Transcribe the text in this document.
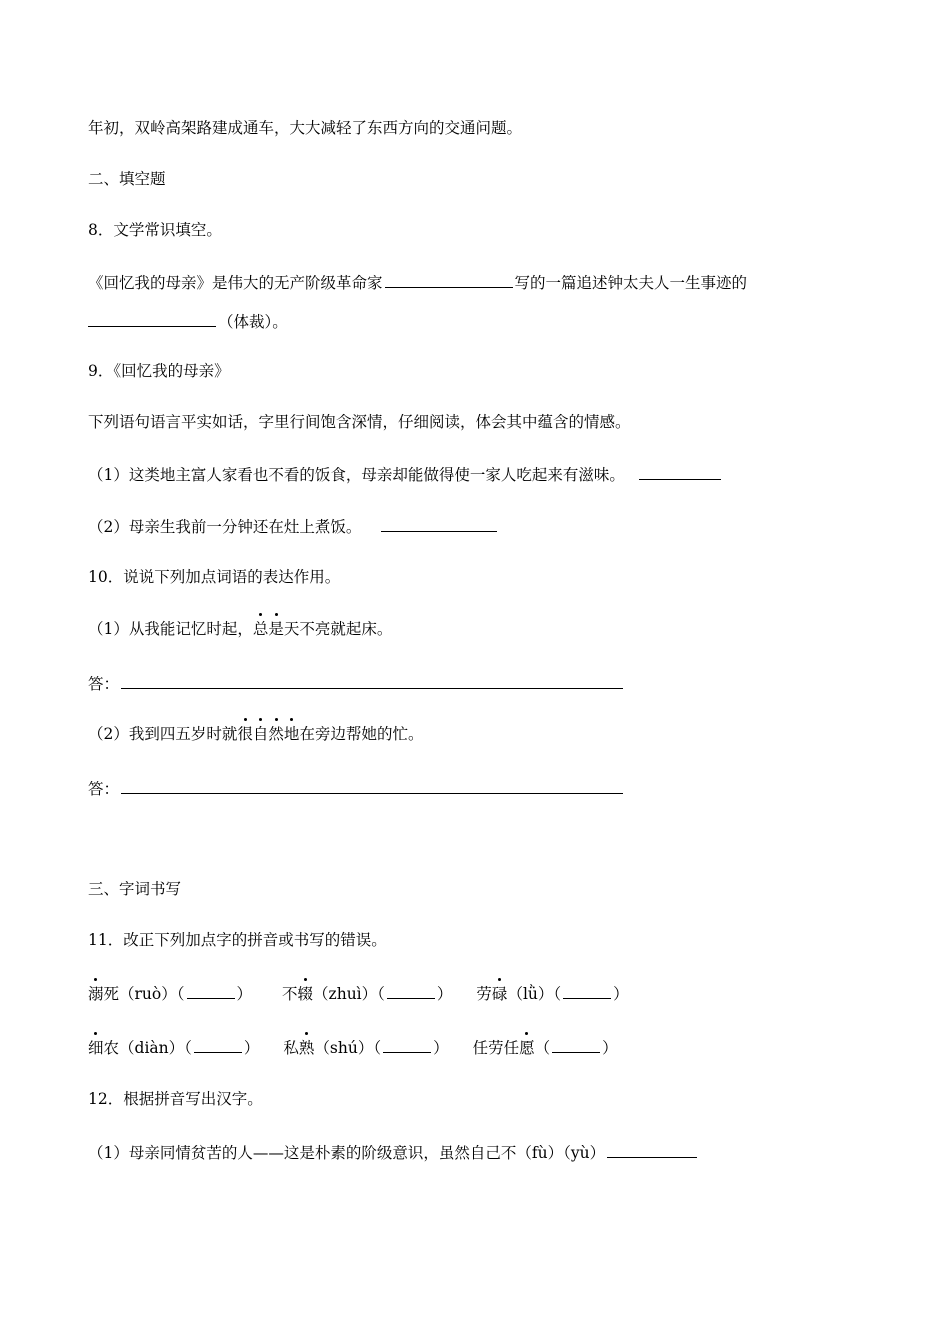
年初，双岭高架路建成通车，大大减轻了东西方向的交通问题。
二、填空题
8．文学常识填空。
《回忆我的母亲》是伟大的无产阶级革命家	写的一篇追述钟太夫人一生事迹的
（体裁）。
9．《回忆我的母亲》
下列语句语言平实如话，字里行间饱含深情，仔细阅读，体会其中蕴含的情感。
（1）这类地主富人家看也不看的饭食，母亲却能做得使一家人吃起来有滋味。
（2）母亲生我前一分钟还在灶上煮饭。
10．说说下列加点词语的表达作用。
（1）从我能记忆时起，总是天不亮就起床。
答：
（2）我到四五岁时就很自然地在旁边帮她的忙。
答：
三、字词书写
11．改正下列加点字的拼音或书写的错误。
溺死（ruò）（	） 不辍（zhuì）（	） 劳碌（lǜ）（	）
细农（diàn）（	） 私熟（shú）（	） 任劳任愿（	）
12．根据拼音写出汉字。
（1）母亲同情贫苦的人——这是朴素的阶级意识，虽然自己不（fù）（yù）
